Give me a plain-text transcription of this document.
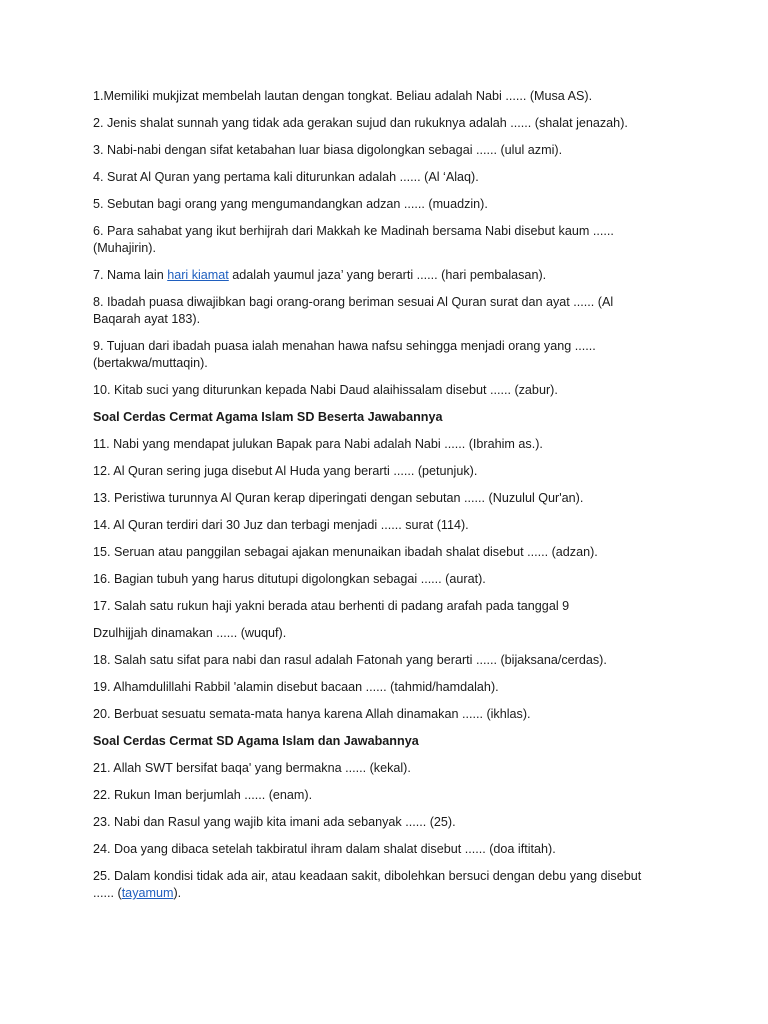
1.Memiliki mukjizat membelah lautan dengan tongkat. Beliau adalah Nabi ...... (Musa AS).

2. Jenis shalat sunnah yang tidak ada gerakan sujud dan rukuknya adalah ...... (shalat jenazah).

3. Nabi-nabi dengan sifat ketabahan luar biasa digolongkan sebagai ...... (ulul azmi).

4. Surat Al Quran yang pertama kali diturunkan adalah ...... (Al ‘Alaq).

5. Sebutan bagi orang yang mengumandangkan adzan ...... (muadzin).

6. Para sahabat yang ikut berhijrah dari Makkah ke Madinah bersama Nabi disebut kaum ...... (Muhajirin).

7. Nama lain hari kiamat adalah yaumul jaza’ yang berarti ...... (hari pembalasan).

8. Ibadah puasa diwajibkan bagi orang-orang beriman sesuai Al Quran surat dan ayat ...... (Al Baqarah ayat 183).

9. Tujuan dari ibadah puasa ialah menahan hawa nafsu sehingga menjadi orang yang ...... (bertakwa/muttaqin).

10. Kitab suci yang diturunkan kepada Nabi Daud alaihissalam disebut ...... (zabur).

Soal Cerdas Cermat Agama Islam SD Beserta Jawabannya

11. Nabi yang mendapat julukan Bapak para Nabi adalah Nabi ...... (Ibrahim as.).

12. Al Quran sering juga disebut Al Huda yang berarti ...... (petunjuk).

13. Peristiwa turunnya Al Quran kerap diperingati dengan sebutan ...... (Nuzulul Qur'an).

14. Al Quran terdiri dari 30 Juz dan terbagi menjadi ...... surat (114).

15. Seruan atau panggilan sebagai ajakan menunaikan ibadah shalat disebut ...... (adzan).

16. Bagian tubuh yang harus ditutupi digolongkan sebagai ...... (aurat).

17. Salah satu rukun haji yakni berada atau berhenti di padang arafah pada tanggal 9

Dzulhijjah dinamakan ...... (wuquf).

18. Salah satu sifat para nabi dan rasul adalah Fatonah yang berarti ...... (bijaksana/cerdas).

19. Alhamdulillahi Rabbil 'alamin disebut bacaan ...... (tahmid/hamdalah).

20. Berbuat sesuatu semata-mata hanya karena Allah dinamakan ...... (ikhlas).

Soal Cerdas Cermat SD Agama Islam dan Jawabannya

21. Allah SWT bersifat baqa' yang bermakna ...... (kekal).

22. Rukun Iman berjumlah ...... (enam).

23. Nabi dan Rasul yang wajib kita imani ada sebanyak ...... (25).

24. Doa yang dibaca setelah takbiratul ihram dalam shalat disebut ...... (doa iftitah).

25. Dalam kondisi tidak ada air, atau keadaan sakit, dibolehkan bersuci dengan debu yang disebut ...... (tayamum).
